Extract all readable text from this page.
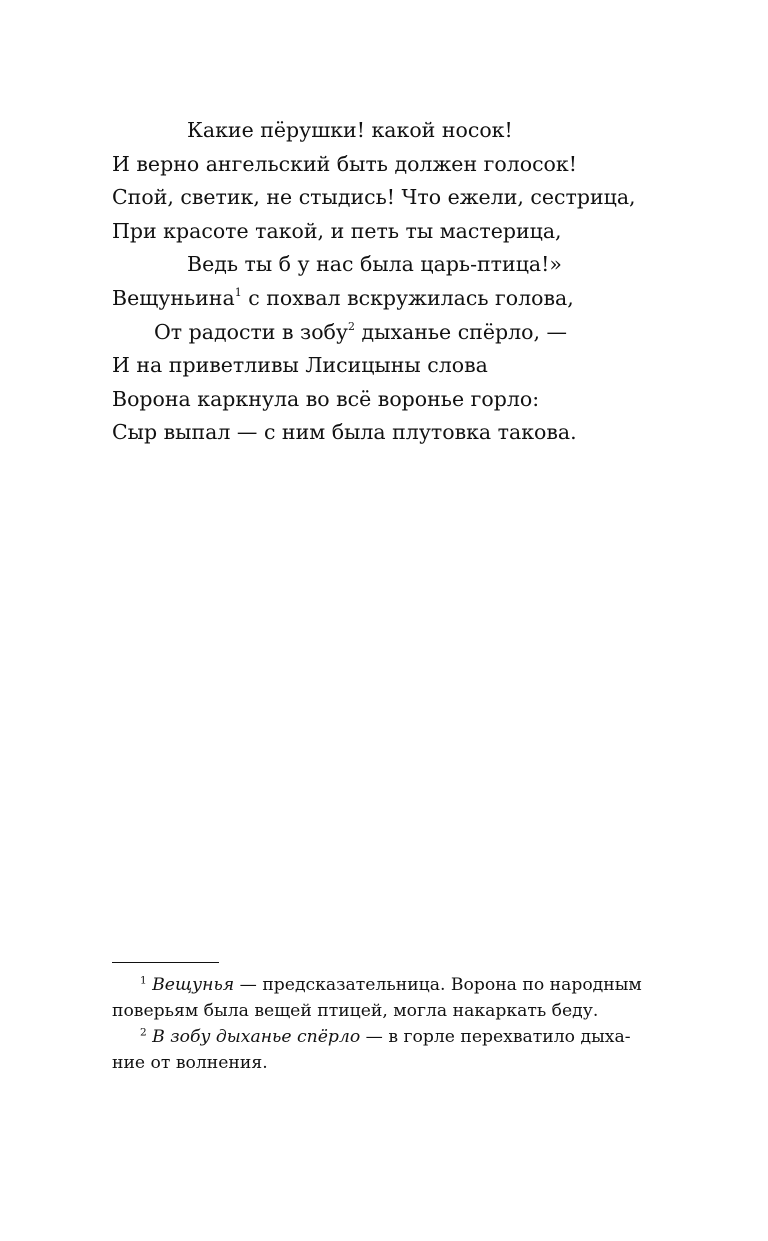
Какие пёрушки! какой носок!
И верно ангельский быть должен голосок!
Спой, светик, не стыдись! Что ежели, сестрица,
При красоте такой, и петь ты мастерица,
Ведь ты б у нас была царь-птица!»
Вещуньина$^1$ с похвал вскружилась голова,
От радости в зобу$^2$ дыханье спёрло, —
И на приветливы Лисицыны слова
Ворона каркнула во всё воронье горло:
Сыр выпал — с ним была плутовка такова.
$^1$ Вещунья — предсказательница. Ворона по народным
поверьям была вещей птицей, могла накаркать беду.
$^2$ В зобу дыханье спёрло — в горле перехватило дыха-
ние от волнения.
